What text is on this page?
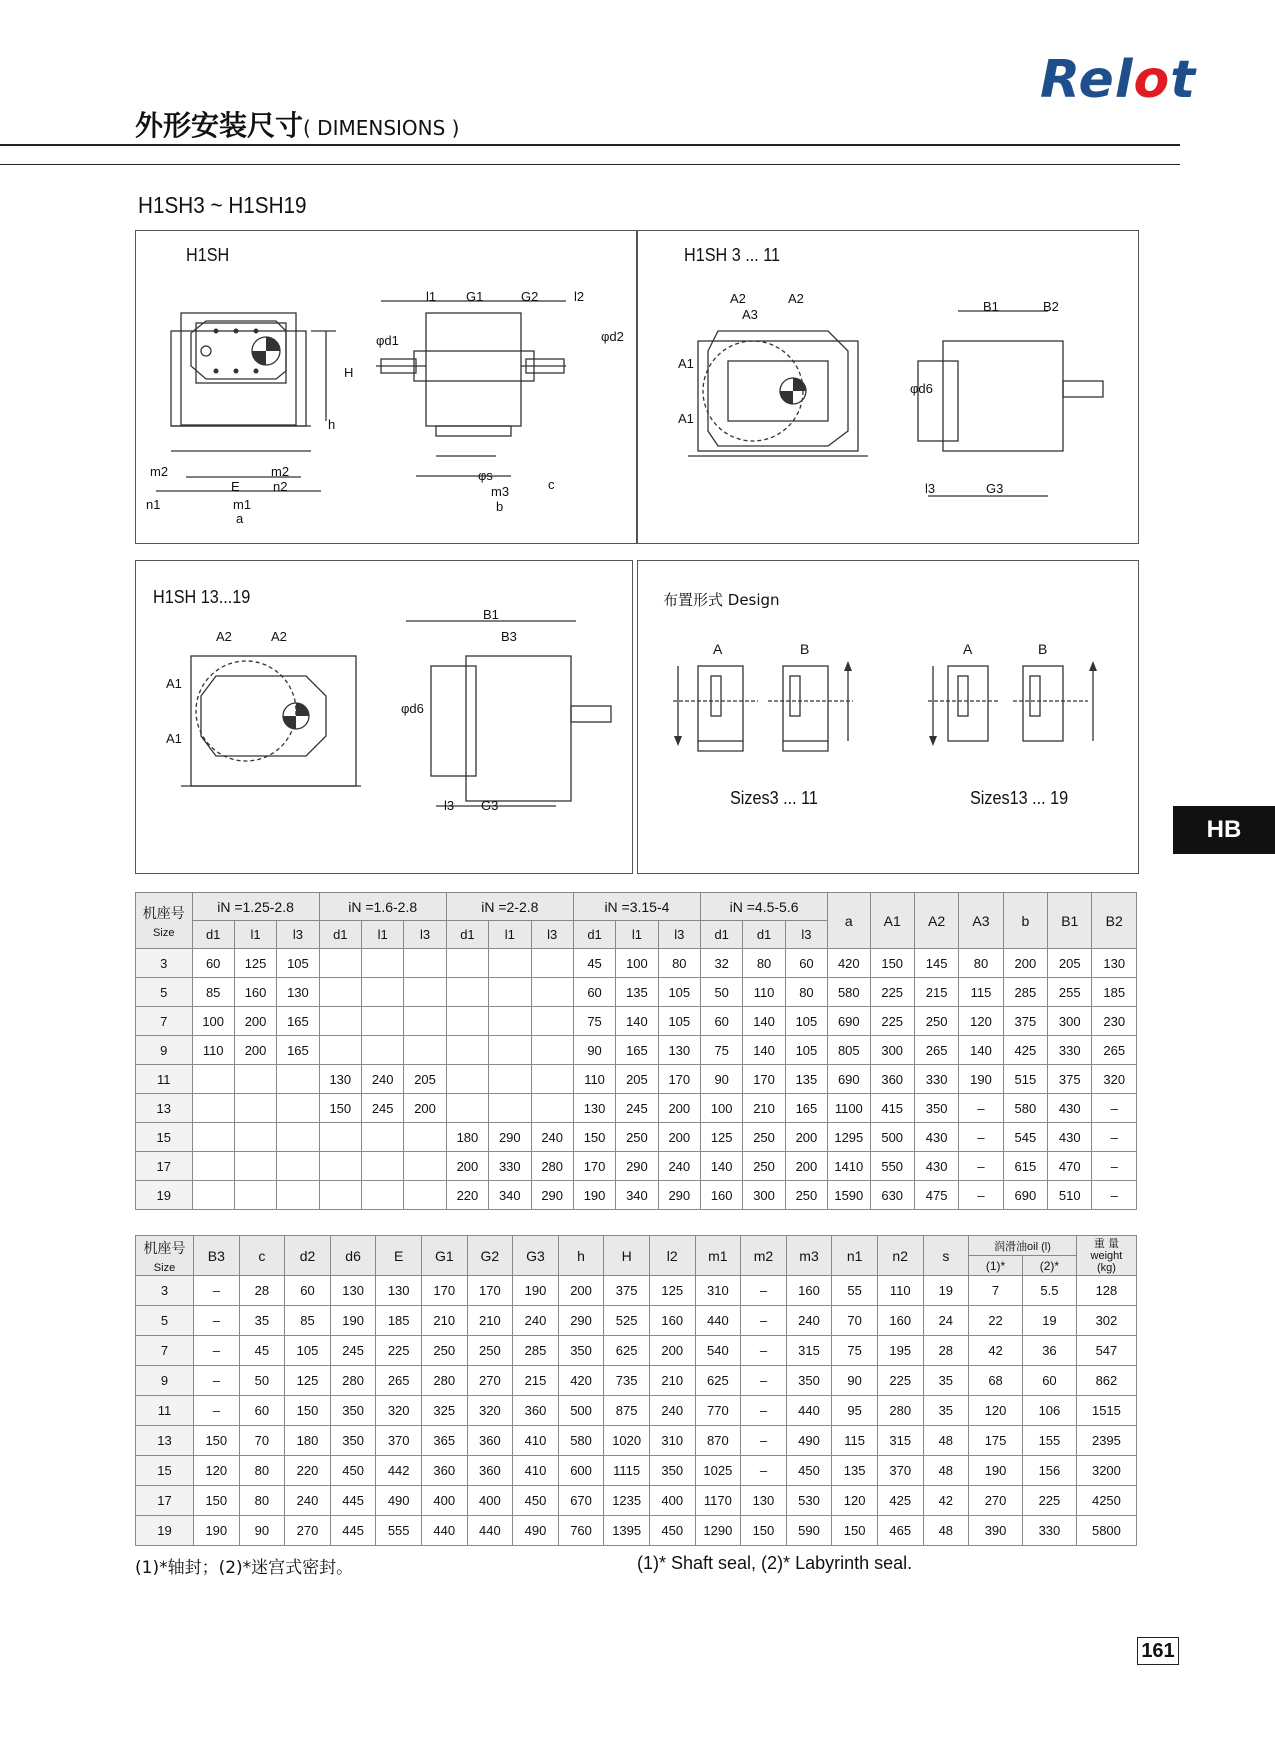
Relot
外形安装尺寸( DIMENSIONS )
H1SH3 ~ H1SH19
H1SH
l1 G1	G2	l2
φd1	φd2
H
h
m2
E
m2
n2
n1	m1
a
φs
m3
b
c
H1SH 3 ... 11
A2
A3
A2
A1
A1
B1	B2
φd6
l3	G3
H1SH 13...19
A2	A2
A1
A1
B1
B3
φd6
l3 G3
布置形式 Design
A	B	A	B
Sizes3 ... 11	Sizes13 ... 19
HB
机座号
Size	iN =1.25-2.8			iN =1.6-2.8			iN =2-2.8			iN =3.15-4			iN =4.5-5.6			a	A1	A2	A3	b	B1	B2
	d1	l1	l3	d1	l1	l3	d1	l1	l3	d1	l1	l3	d1	d1	l3							
3	60	125	105							45	100	80	32	80	60	420	150	145	80	200	205	130
5	85	160	130							60	135	105	50	110	80	580	225	215	115	285	255	185
7	100	200	165							75	140	105	60	140	105	690	225	250	120	375	300	230
9	110	200	165							90	165	130	75	140	105	805	300	265	140	425	330	265
11				130	240	205				110	205	170	90	170	135	690	360	330	190	515	375	320
13				150	245	200				130	245	200	100	210	165	1100	415	350	–	580	430	–
15							180	290	240	150	250	200	125	250	200	1295	500	430	–	545	430	–
17							200	330	280	170	290	240	140	250	200	1410	550	430	–	615	470	–
19							220	340	290	190	340	290	160	300	250	1590	630	475	–	690	510	–
机座号
Size	B3	c	d2	d6	E	G1	G2	G3	h	H	l2	m1	m2	m3	n1	n2	s	润滑油oil (l)		重 量
weight
(kg)
																		(1)*	(2)*	
3	–	28	60	130	130	170	170	190	200	375	125	310	–	160	55	110	19	7	5.5	128
5	–	35	85	190	185	210	210	240	290	525	160	440	–	240	70	160	24	22	19	302
7	–	45	105	245	225	250	250	285	350	625	200	540	–	315	75	195	28	42	36	547
9	–	50	125	280	265	280	270	215	420	735	210	625	–	350	90	225	35	68	60	862
11	–	60	150	350	320	325	320	360	500	875	240	770	–	440	95	280	35	120	106	1515
13	150	70	180	350	370	365	360	410	580	1020	310	870	–	490	115	315	48	175	155	2395
15	120	80	220	450	442	360	360	410	600	1115	350	1025	–	450	135	370	48	190	156	3200
17	150	80	240	445	490	400	400	450	670	1235	400	1170	130	530	120	425	42	270	225	4250
19	190	90	270	445	555	440	440	490	760	1395	450	1290	150	590	150	465	48	390	330	5800
(1)*轴封；(2)*迷宫式密封。	(1)* Shaft seal, (2)* Labyrinth seal.
161
